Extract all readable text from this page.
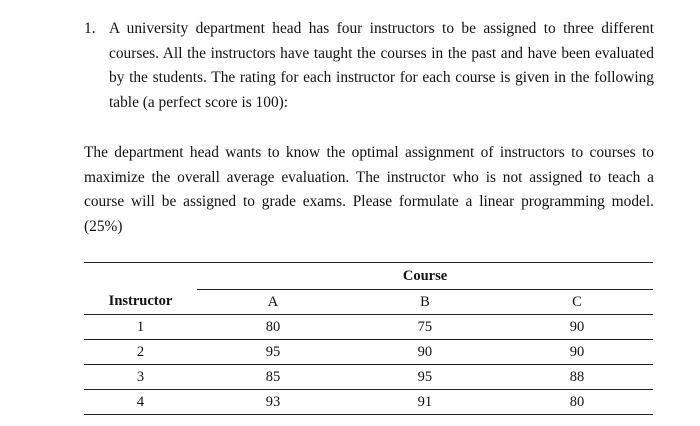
1. A university department head has four instructors to be assigned to three different courses. All the instructors have taught the courses in the past and have been evaluated by the students. The rating for each instructor for each course is given in the following table (a perfect score is 100):

The department head wants to know the optimal assignment of instructors to courses to maximize the overall average evaluation. The instructor who is not assigned to teach a course will be assigned to grade exams. Please formulate a linear programming model. (25%)

	Course		
Instructor	A	B	C
1	80	75	90
2	95	90	90
3	85	95	88
4	93	91	80
